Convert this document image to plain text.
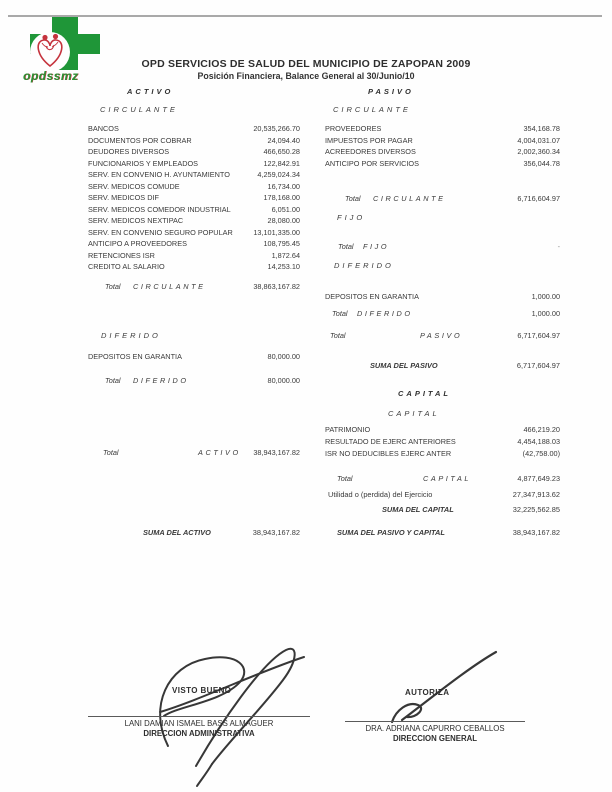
opdssmz
OPD SERVICIOS DE SALUD DEL MUNICIPIO DE ZAPOPAN 2009
Posición Financiera, Balance General al 30/Junio/10
ACTIVO
CIRCULANTE
BANCOS	20,535,266.70
DOCUMENTOS POR COBRAR	24,094.40
DEUDORES DIVERSOS	466,650.28
FUNCIONARIOS Y EMPLEADOS	122,842.91
SERV. EN CONVENIO H. AYUNTAMIENTO	4,259,024.34
SERV. MEDICOS COMUDE	16,734.00
SERV. MEDICOS DIF	178,168.00
SERV. MEDICOS COMEDOR INDUSTRIAL	6,051.00
SERV. MEDICOS NEXTIPAC	28,080.00
SERV. EN CONVENIO SEGURO POPULAR	13,101,335.00
ANTICIPO A PROVEEDORES	108,795.45
RETENCIONES ISR	1,872.64
CREDITO AL SALARIO	14,253.10
Total CIRCULANTE	38,863,167.82
DIFERIDO
DEPOSITOS EN GARANTIA	80,000.00
Total DIFERIDO	80,000.00
Total	ACTIVO 38,943,167.82
SUMA DEL ACTIVO	38,943,167.82
PASIVO
CIRCULANTE
PROVEEDORES	354,168.78
IMPUESTOS POR PAGAR	4,004,031.07
ACREEDORES DIVERSOS	2,002,360.34
ANTICIPO POR SERVICIOS	356,044.78
Total CIRCULANTE	6,716,604.97
FIJO
Total FIJO	-
DIFERIDO
DEPOSITOS EN GARANTIA	1,000.00
Total DIFERIDO	1,000.00
Total	PASIVO	6,717,604.97
SUMA DEL PASIVO	6,717,604.97
CAPITAL
CAPITAL
PATRIMONIO	466,219.20
RESULTADO DE EJERC ANTERIORES	4,454,188.03
ISR NO DEDUCIBLES EJERC ANTER	(42,758.00)
Total	CAPITAL	4,877,649.23
Utilidad o (perdida) del Ejercicio	27,347,913.62
SUMA DEL CAPITAL	32,225,562.85
SUMA DEL PASIVO Y CAPITAL	38,943,167.82
VISTO BUENO
LANI DAMIAN ISMAEL BASS ALMAGUER
DIRECCION ADMINISTRATIVA
AUTORIZA
DRA. ADRIANA CAPURRO CEBALLOS
DIRECCION GENERAL
